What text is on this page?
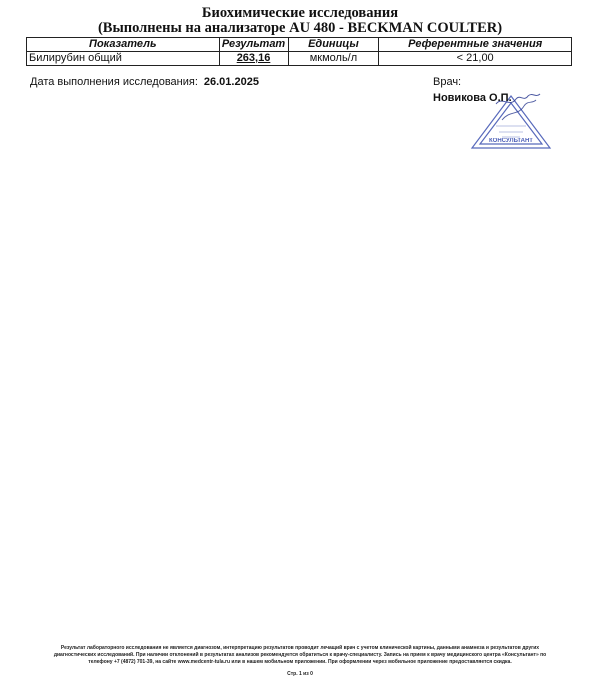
Биохимические исследования
(Выполнены на анализаторе AU 480 - BECKMAN COULTER)
Показатель	Результат	Единицы	Референтные значения
Билирубин общий	263,16	мкмоль/л	< 21,00
Дата выполнения исследования: 26.01.2025	Врач:
КОНСУЛЬТАНТ
Новикова О.П.

Результат лабораторного исследования не является диагнозом, интерпретацию результатов проводит лечащий врач с учетом клинической картины, данными анамнеза и результатов других

диагностических исследований. При наличии отклонений в результатах анализов рекомендуется обратиться к врачу-специалисту. Запись на прием к врачу медицинского центра «Консультант» по

телефону +7 (4872) 701-39, на сайте www.medcentr-tula.ru или в нашем мобильном приложении. При оформлении через мобильное приложение предоставляется скидка.

Стр. 1 из 0
